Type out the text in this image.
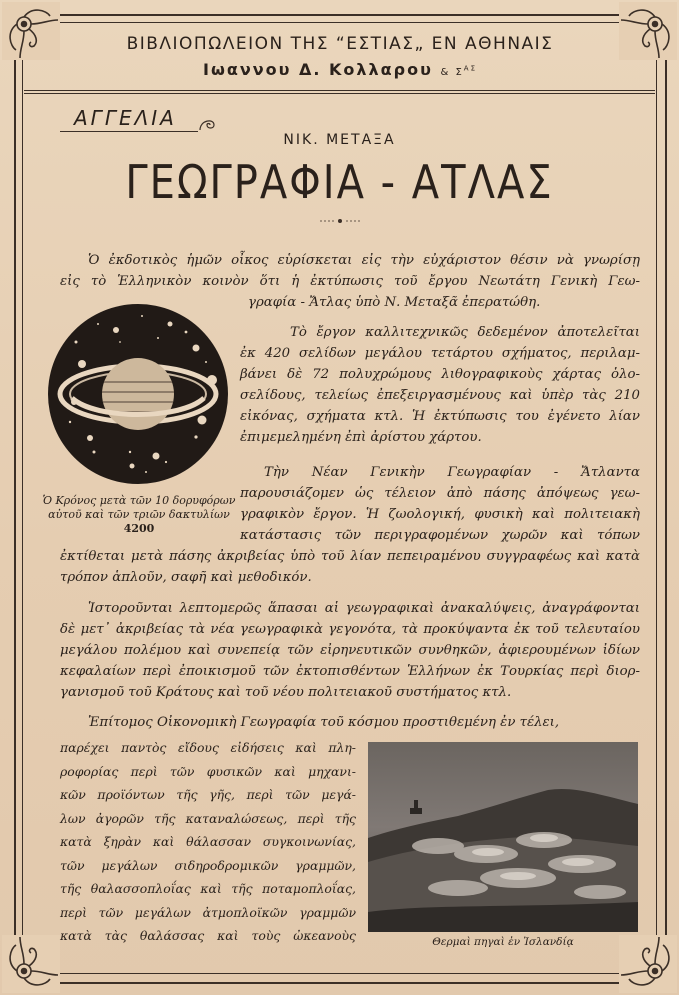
ΒΙΒΛΙΟΠΩΛΕΙΟΝ ΤΗΣ “ΕΣΤΙΑΣ„ ΕΝ ΑΘΗΝΑΙΣ
Ιωαννου Δ. Κολλαρου & $\Sigma^{A\Sigma}$
ΑΓΓΕΛΙΑ
ΝΙΚ. ΜΕΤΑΞΑ
ΓΕΩΓΡΑΦΙΑ - ΑΤΛΑΣ
Ὁ ἐκδοτικὸς ἡμῶν οἶκος εὑρίσκεται εἰς τὴν εὐχάριστον θέσιν νὰ γνωρίσῃ
εἰς τὸ Ἑλληνικὸν κοινὸν ὅτι ἡ ἐκτύπωσις τοῦ ἔργου Νεωτάτη Γενικὴ Γεω-
γραφία - Ἄτλας ὑπὸ Ν. Μεταξᾶ ἐπερατώθη.
Ὁ Κρόνος μετὰ τῶν 10 δορυφόρων
αὐτοῦ καὶ τῶν τριῶν δακτυλίων
4200
Τὸ ἔργον καλλιτεχνικῶς δεδεμένον ἀποτελεῖται
ἐκ 420 σελίδων μεγάλου τετάρτου σχήματος, περιλαμ-
βάνει δὲ 72 πολυχρώμους λιθογραφικοὺς χάρτας ὁλο-
σελίδους, τελείως ἐπεξειργασμένους καὶ ὑπὲρ τὰς 210
εἰκόνας, σχήματα κτλ. Ἡ ἐκτύπωσις του ἐγένετο λίαν
ἐπιμεμελημένη ἐπὶ ἀρίστου χάρτου.
Τὴν Νέαν Γενικὴν Γεωγραφίαν - Ἄτλαντα
παρουσιάζομεν ὡς τέλειον ἀπὸ πάσης ἀπόψεως γεω-
γραφικὸν ἔργον. Ἡ ζωολογική, φυσικὴ καὶ πολιτειακὴ
κατάστασις τῶν περιγραφομένων χωρῶν καὶ τόπων
ἐκτίθεται μετὰ πάσης ἀκριβείας ὑπὸ τοῦ λίαν πεπειραμένου συγγραφέως καὶ κατὰ
τρόπον ἁπλοῦν, σαφῆ καὶ μεθοδικόν.
Ἱστοροῦνται λεπτομερῶς ἅπασαι αἱ γεωγραφικαὶ ἀνακαλύψεις, ἀναγράφονται
δὲ μετ᾽ ἀκριβείας τὰ νέα γεωγραφικὰ γεγονότα, τὰ προκύψαντα ἐκ τοῦ τελευταίου
μεγάλου πολέμου καὶ συνεπείᾳ τῶν εἰρηνευτικῶν συνθηκῶν, ἀφιερουμένων ἰδίων
κεφαλαίων περὶ ἐποικισμοῦ τῶν ἐκτοπισθέντων Ἑλλήνων ἐκ Τουρκίας περὶ διορ-
γανισμοῦ τοῦ Κράτους καὶ τοῦ νέου πολιτειακοῦ συστήματος κτλ.
Ἐπίτομος Οἰκονομικὴ Γεωγραφία τοῦ κόσμου προστιθεμένη ἐν τέλει,
παρέχει παντὸς εἴδους εἰδήσεις καὶ πλη-
ροφορίας περὶ τῶν φυσικῶν καὶ μηχανι-
κῶν προϊόντων τῆς γῆς, περὶ τῶν μεγά-
λων ἀγορῶν τῆς καταναλώσεως, περὶ τῆς
κατὰ ξηρὰν καὶ θάλασσαν συγκοινωνίας,
τῶν μεγάλων σιδηροδρομικῶν γραμμῶν,
τῆς θαλασσοπλοΐας καὶ τῆς ποταμοπλοΐας,
περὶ τῶν μεγάλων ἀτμοπλοϊκῶν γραμμῶν
κατὰ τὰς θαλάσσας καὶ τοὺς ὠκεανοὺς	Θερμαὶ πηγαὶ ἐν Ἰσλανδίᾳ
